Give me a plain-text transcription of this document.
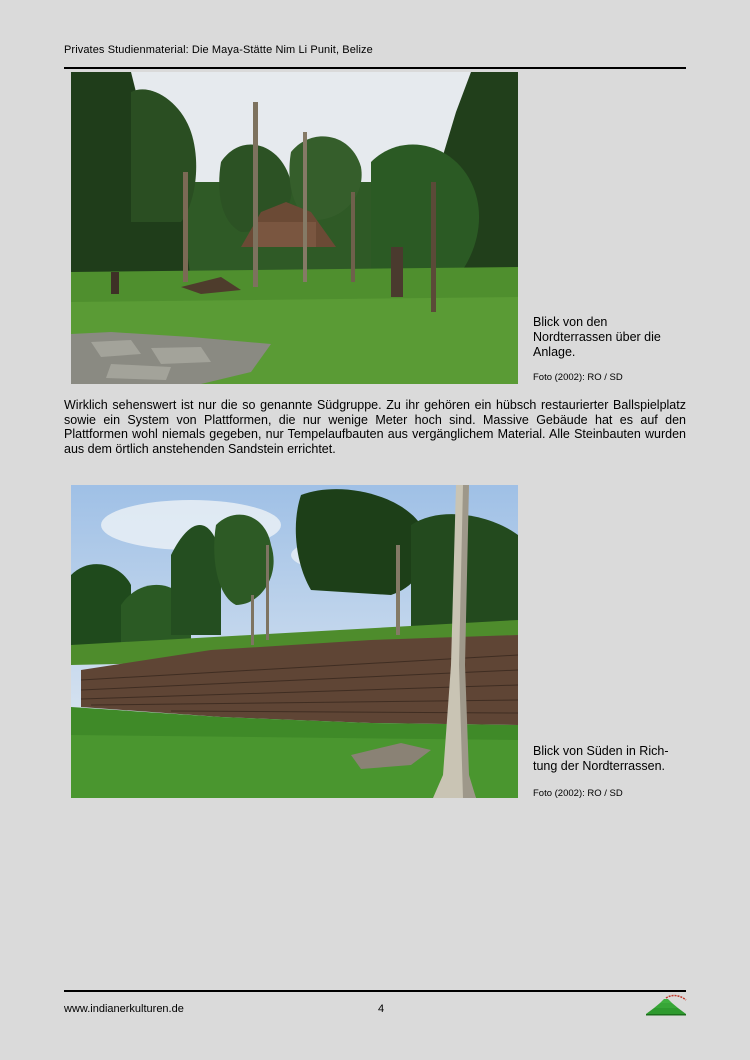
Privates Studienmaterial: Die Maya-Stätte Nim Li Punit, Belize
Blick von den Nordterrassen über die Anlage.
Foto (2002): RO / SD
Wirklich sehenswert ist nur die so genannte Südgruppe. Zu ihr gehören ein hübsch restaurierter Ballspielplatz sowie ein System von Plattformen, die nur wenige Meter hoch sind. Massive Gebäude hat es auf den Plattformen wohl niemals gegeben, nur Tempelaufbauten aus vergänglichem Material. Alle Steinbauten wurden aus dem örtlich anstehenden Sandstein errichtet.
Blick von Süden in Rich-tung der Nordterrassen.
Foto (2002): RO / SD
www.indianerkulturen.de	4
